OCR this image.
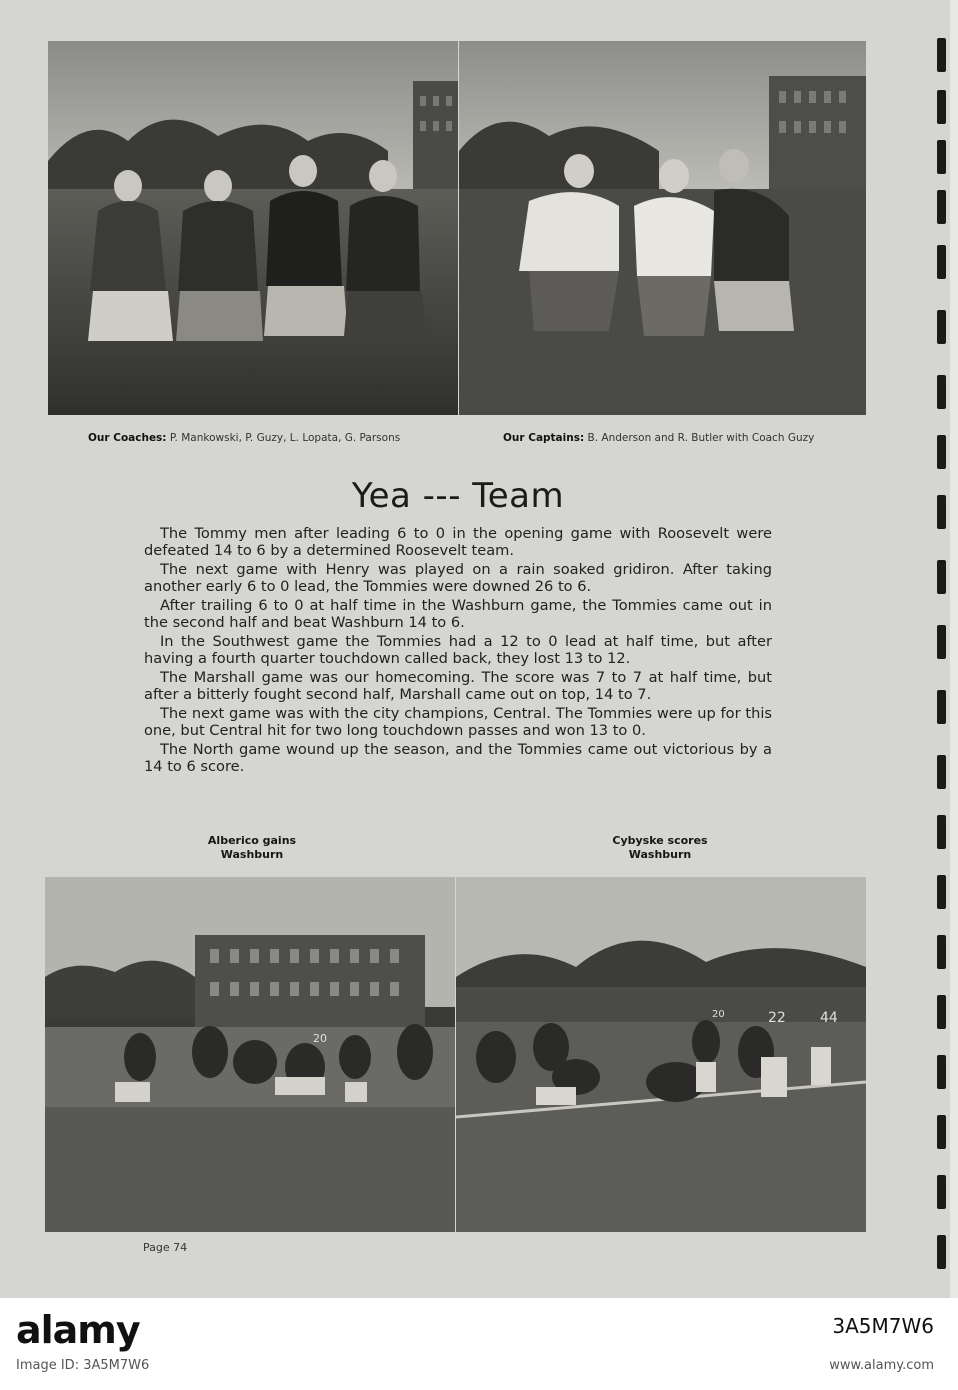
Our Coaches: P. Mankowski, P. Guzy, L. Lopata, G. Parsons	Our Captains: B. Anderson and R. Butler with Coach Guzy
Yea --- Team

The Tommy men after leading 6 to 0 in the opening game with Roosevelt were defeated 14 to 6 by a determined Roosevelt team.

The next game with Henry was played on a rain soaked gridiron. After taking another early 6 to 0 lead, the Tommies were downed 26 to 6.

After trailing 6 to 0 at half time in the Washburn game, the Tommies came out in the second half and beat Washburn 14 to 6.

In the Southwest game the Tommies had a 12 to 0 lead at half time, but after having a fourth quarter touchdown called back, they lost 13 to 12.

The Marshall game was our homecoming. The score was 7 to 7 at half time, but after a bitterly fought second half, Marshall came out on top, 14 to 7.

The next game was with the city champions, Central. The Tommies were up for this one, but Central hit for two long touchdown passes and won 13 to 0.

The North game wound up the season, and the Tommies came out victorious by a 14 to 6 score.

Alberico gains
Washburn
Cybyske scores
Washburn
20
20	22 44
Page 74
alamy
Image ID: 3A5M7W6
3A5M7W6
www.alamy.com
